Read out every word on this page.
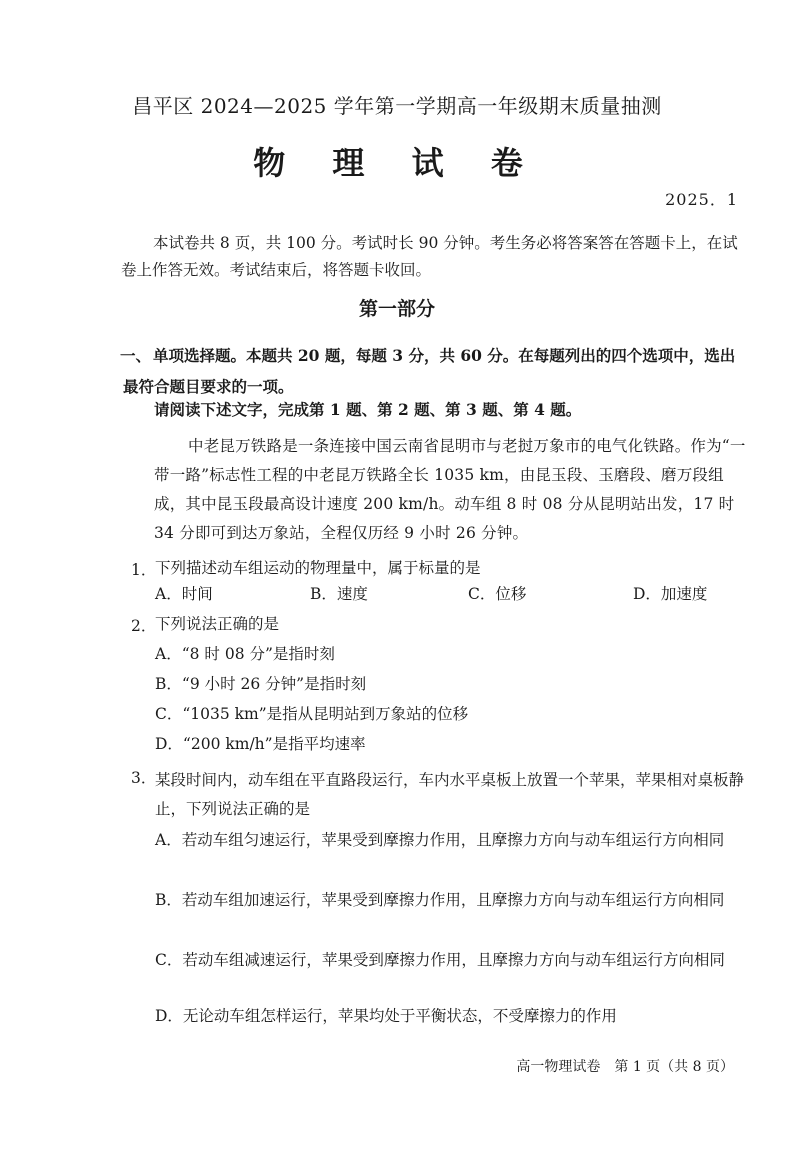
昌平区 2024—2025 学年第一学期高一年级期末质量抽测
物 理 试 卷
2025．1
本试卷共 8 页，共 100 分。考试时长 90 分钟。考生务必将答案答在答题卡上，在试卷上作答无效。考试结束后，将答题卡收回。
第一部分
一、 单项选择题。本题共 20 题，每题 3 分，共 60 分。在每题列出的四个选项中，选出最符合题目要求的一项。
请阅读下述文字，完成第 1 题、第 2 题、第 3 题、第 4 题。
中老昆万铁路是一条连接中国云南省昆明市与老挝万象市的电气化铁路。作为“一带一路”标志性工程的中老昆万铁路全长 1035 km，由昆玉段、玉磨段、磨万段组成，其中昆玉段最高设计速度 200 km/h。动车组 8 时 08 分从昆明站出发，17 时 34 分即可到达万象站，全程仅历经 9 小时 26 分钟。
1．
下列描述动车组运动的物理量中，属于标量的是
A．时间	B．速度	C．位移	D．加速度
2．
下列说法正确的是
A．“8 时 08 分”是指时刻
B．“9 小时 26 分钟”是指时刻
C．“1035 km”是指从昆明站到万象站的位移
D．“200 km/h”是指平均速率
3．
某段时间内，动车组在平直路段运行，车内水平桌板上放置一个苹果，苹果相对桌板静止，下列说法正确的是
A．若动车组匀速运行，苹果受到摩擦力作用，且摩擦力方向与动车组运行方向相同
B．若动车组加速运行，苹果受到摩擦力作用，且摩擦力方向与动车组运行方向相同
C．若动车组减速运行，苹果受到摩擦力作用，且摩擦力方向与动车组运行方向相同
D．无论动车组怎样运行，苹果均处于平衡状态，不受摩擦力的作用
高一物理试卷　第 1 页（共 8 页）
